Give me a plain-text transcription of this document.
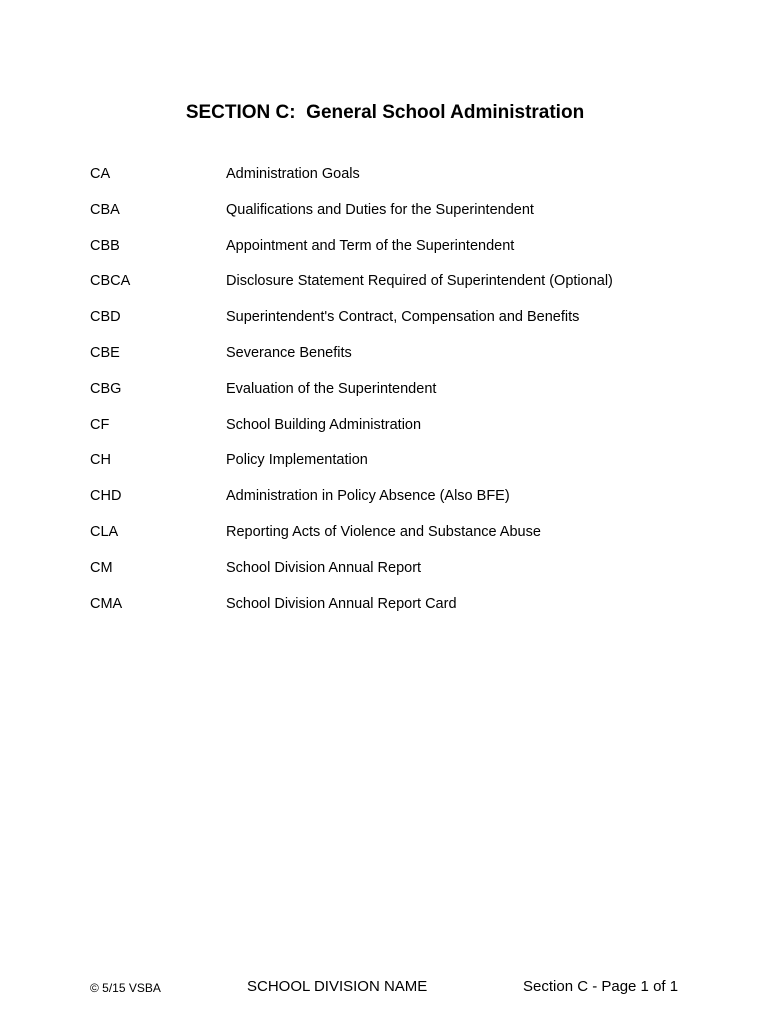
SECTION C:  General School Administration
CA	Administration Goals
CBA	Qualifications and Duties for the Superintendent
CBB	Appointment and Term of the Superintendent
CBCA	Disclosure Statement Required of Superintendent (Optional)
CBD	Superintendent's Contract, Compensation and Benefits
CBE	Severance Benefits
CBG	Evaluation of the Superintendent
CF	School Building Administration
CH	Policy Implementation
CHD	Administration in Policy Absence (Also BFE)
CLA	Reporting Acts of Violence and Substance Abuse
CM	School Division Annual Report
CMA	School Division Annual Report Card
© 5/15 VSBA	SCHOOL DIVISION NAME	Section C - Page 1 of 1
